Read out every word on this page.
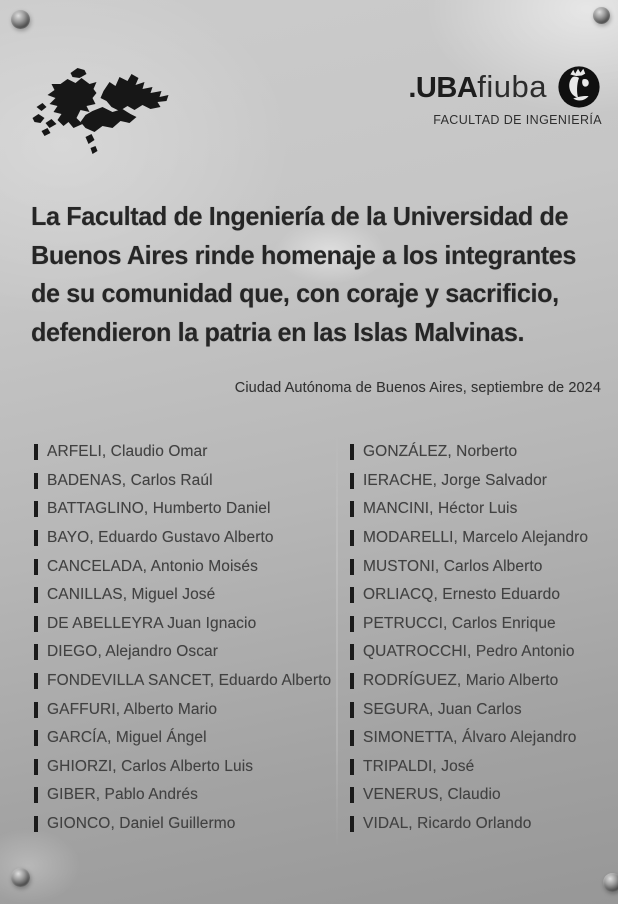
.UBAfiuba
FACULTAD DE INGENIERÍA
La Facultad de Ingeniería de la Universidad de
Buenos Aires rinde homenaje a los integrantes
de su comunidad que, con coraje y sacrificio,
defendieron la patria en las Islas Malvinas.
Ciudad Autónoma de Buenos Aires, septiembre de 2024
ARFELI, Claudio Omar
BADENAS, Carlos Raúl
BATTAGLINO, Humberto Daniel
BAYO, Eduardo Gustavo Alberto
CANCELADA, Antonio Moisés
CANILLAS, Miguel José
DE ABELLEYRA Juan Ignacio
DIEGO, Alejandro Oscar
FONDEVILLA SANCET, Eduardo Alberto
GAFFURI, Alberto Mario
GARCÍA, Miguel Ángel
GHIORZI, Carlos Alberto Luis
GIBER, Pablo Andrés
GIONCO, Daniel Guillermo
GONZÁLEZ, Norberto
IERACHE, Jorge Salvador
MANCINI, Héctor Luis
MODARELLI, Marcelo Alejandro
MUSTONI, Carlos Alberto
ORLIACQ, Ernesto Eduardo
PETRUCCI, Carlos Enrique
QUATROCCHI, Pedro Antonio
RODRÍGUEZ, Mario Alberto
SEGURA, Juan Carlos
SIMONETTA, Álvaro Alejandro
TRIPALDI, José
VENERUS, Claudio
VIDAL, Ricardo Orlando
